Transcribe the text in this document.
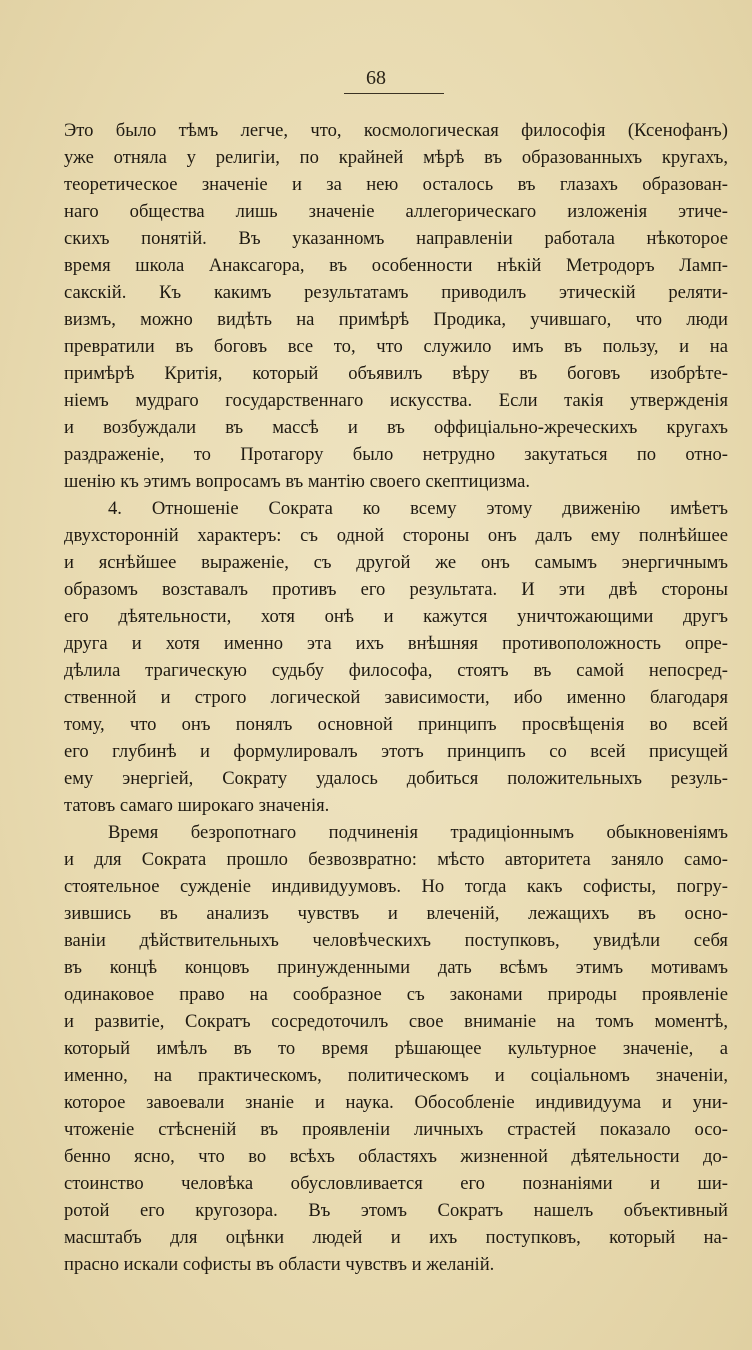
68
Это было тѣмъ легче, что, космологическая философія (Ксенофанъ)
уже отняла у религіи, по крайней мѣрѣ въ образованныхъ кругахъ,
теоретическое значеніе и за нею осталось въ глазахъ образован-
наго общества лишь значеніе аллегорическаго изложенія этиче-
скихъ понятій. Въ указанномъ направленіи работала нѣкоторое
время школа Анаксагора, въ особенности нѣкій Метродоръ Ламп-
сакскій. Къ какимъ результатамъ приводилъ этическій реляти-
визмъ, можно видѣть на примѣрѣ Продика, учившаго, что люди
превратили въ боговъ все то, что служило имъ въ пользу, и на
примѣрѣ Критія, который объявилъ вѣру въ боговъ изобрѣте-
ніемъ мудраго государственнаго искусства. Если такія утвержденія
и возбуждали въ массѣ и въ оффиціально-жреческихъ кругахъ
раздраженіе, то Протагору было нетрудно закутаться по отно-
шенію къ этимъ вопросамъ въ мантію своего скептицизма.
4. Отношеніе Сократа ко всему этому движенію имѣетъ
двухсторонній характеръ: съ одной стороны онъ далъ ему полнѣйшее
и яснѣйшее выраженіе, съ другой же онъ самымъ энергичнымъ
образомъ возставалъ противъ его результата. И эти двѣ стороны
его дѣятельности, хотя онѣ и кажутся уничтожающими другъ
друга и хотя именно эта ихъ внѣшняя противоположность опре-
дѣлила трагическую судьбу философа, стоятъ въ самой непосред-
ственной и строго логической зависимости, ибо именно благодаря
тому, что онъ понялъ основной принципъ просвѣщенія во всей
его глубинѣ и формулировалъ этотъ принципъ со всей присущей
ему энергіей, Сократу удалось добиться положительныхъ резуль-
татовъ самаго широкаго значенія.
Время безропотнаго подчиненія традиціоннымъ обыкновеніямъ
и для Сократа прошло безвозвратно: мѣсто авторитета заняло само-
стоятельное сужденіе индивидуумовъ. Но тогда какъ софисты, погру-
зившись въ анализъ чувствъ и влеченій, лежащихъ въ осно-
ваніи дѣйствительныхъ человѣческихъ поступковъ, увидѣли себя
въ концѣ концовъ принужденными дать всѣмъ этимъ мотивамъ
одинаковое право на сообразное съ законами природы проявленіе
и развитіе, Сократъ сосредоточилъ свое вниманіе на томъ моментѣ,
который имѣлъ въ то время рѣшающее культурное значеніе, а
именно, на практическомъ, политическомъ и соціальномъ значеніи,
которое завоевали знаніе и наука. Обособленіе индивидуума и уни-
чтоженіе стѣсненій въ проявленіи личныхъ страстей показало осо-
бенно ясно, что во всѣхъ областяхъ жизненной дѣятельности до-
стоинство человѣка обусловливается его познаніями и ши-
ротой его кругозора. Въ этомъ Сократъ нашелъ объективный
масштабъ для оцѣнки людей и ихъ поступковъ, который на-
прасно искали софисты въ области чувствъ и желаній.
